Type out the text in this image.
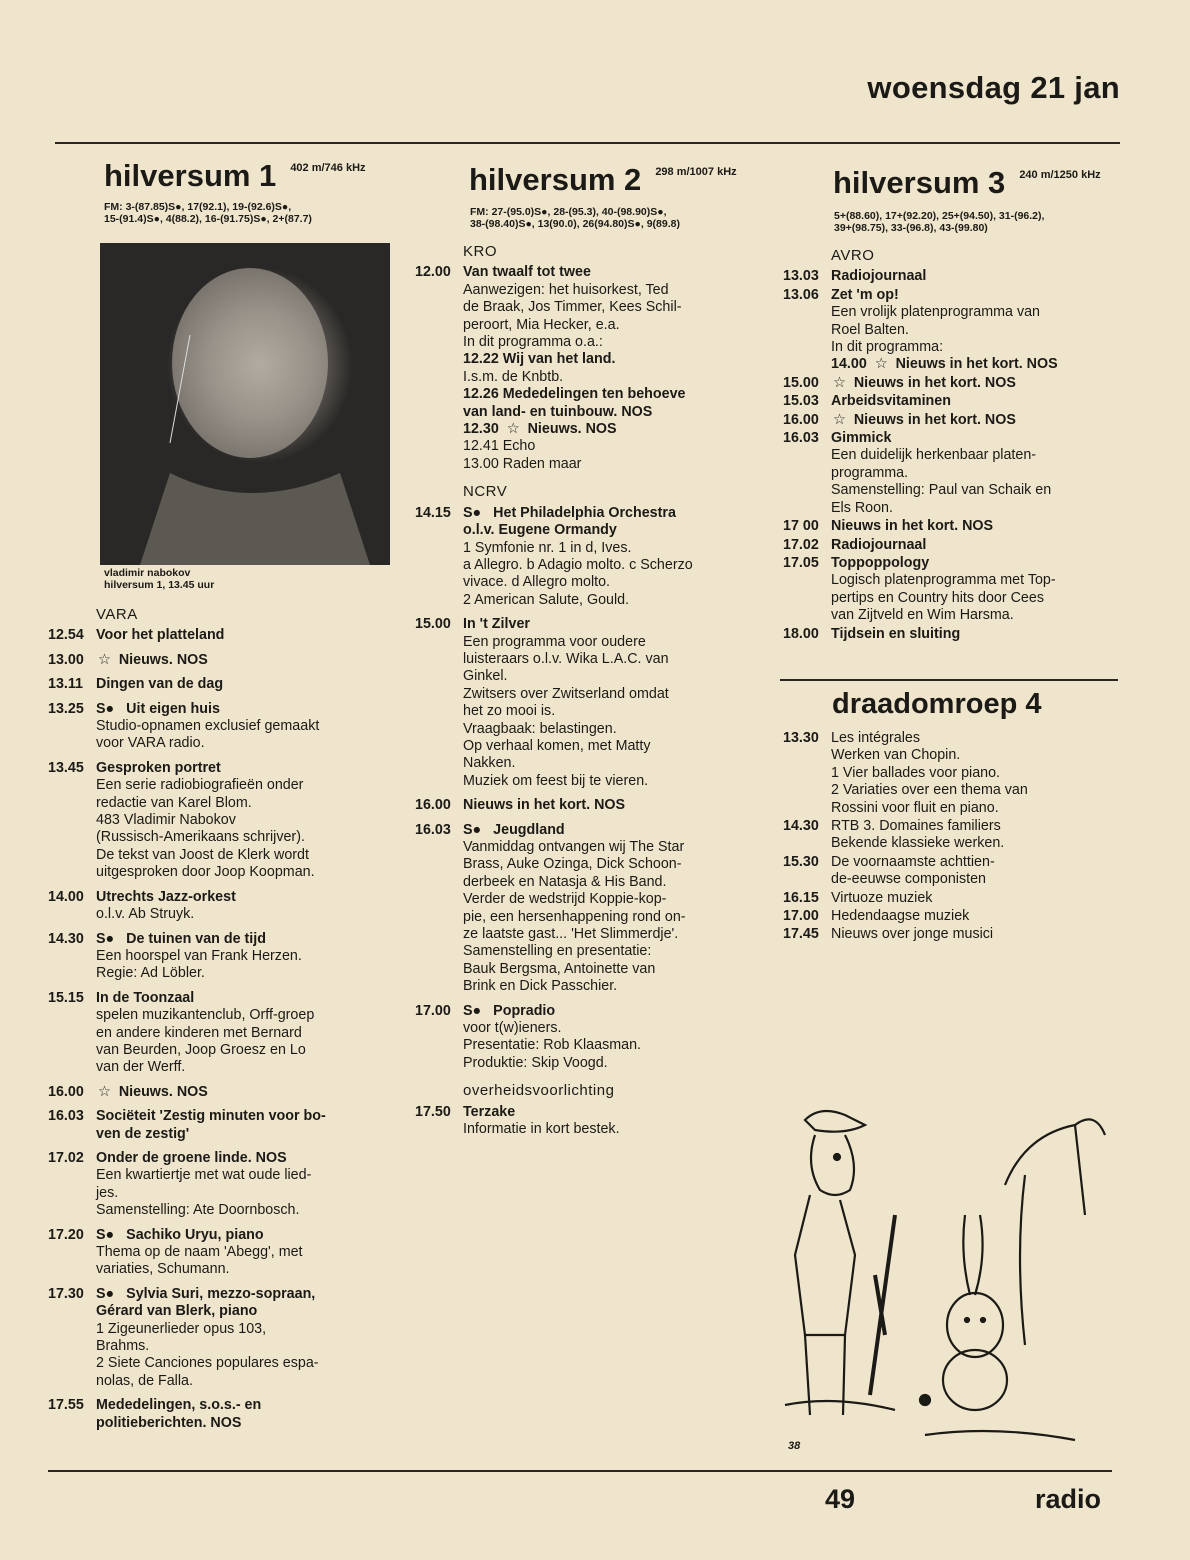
woensdag 21 jan
hilversum 1 $^{402 m/746 kHz}$
FM: 3-(87.85)S●, 17(92.1), 19-(92.6)S●,
15-(91.4)S●, 4(88.2), 16-(91.75)S●, 2+(87.7)
hilversum 2 $^{298 m/1007 kHz}$
FM: 27-(95.0)S●, 28-(95.3), 40-(98.90)S●,
38-(98.40)S●, 13(90.0), 26(94.80)S●, 9(89.8)
hilversum 3 $^{240 m/1250 kHz}$
5+(88.60), 17+(92.20), 25+(94.50), 31-(96.2),
39+(98.75), 33-(96.8), 43-(99.80)
vladimir nabokov
hilversum 1, 13.45 uur
VARA
12.54 Voor het platteland
13.00 ☆ Nieuws. NOS
13.11 Dingen van de dag
13.25 S● Uit eigen huis
Studio-opnamen exclusief gemaakt
voor VARA radio.
13.45 Gesproken portret
Een serie radiobiografieën onder
redactie van Karel Blom.
483 Vladimir Nabokov
(Russisch-Amerikaans schrijver).
De tekst van Joost de Klerk wordt
uitgesproken door Joop Koopman.
14.00 Utrechts Jazz-orkest
o.l.v. Ab Struyk.
14.30 S● De tuinen van de tijd
Een hoorspel van Frank Herzen.
Regie: Ad Löbler.
15.15 In de Toonzaal
spelen muzikantenclub, Orff-groep
en andere kinderen met Bernard
van Beurden, Joop Groesz en Lo
van der Werff.
16.00 ☆ Nieuws. NOS
16.03 Sociëteit 'Zestig minuten voor bo-
ven de zestig'
17.02 Onder de groene linde. NOS
Een kwartiertje met wat oude lied-
jes.
Samenstelling: Ate Doornbosch.
17.20 S● Sachiko Uryu, piano
Thema op de naam 'Abegg', met
variaties, Schumann.
17.30 S● Sylvia Suri, mezzo-sopraan,
Gérard van Blerk, piano
1 Zigeunerlieder opus 103,
Brahms.
2 Siete Canciones populares espa-
nolas, de Falla.
17.55 Mededelingen, s.o.s.- en
politieberichten. NOS
KRO
12.00 Van twaalf tot twee
Aanwezigen: het huisorkest, Ted
de Braak, Jos Timmer, Kees Schil-
peroort, Mia Hecker, e.a.
In dit programma o.a.:
12.22 Wij van het land.
I.s.m. de Knbtb.
12.26 Mededelingen ten behoeve
van land- en tuinbouw. NOS
12.30 ☆ Nieuws. NOS
12.41 Echo
13.00 Raden maar
NCRV
14.15 S● Het Philadelphia Orchestra
o.l.v. Eugene Ormandy
1 Symfonie nr. 1 in d, Ives.
a Allegro. b Adagio molto. c Scherzo
vivace. d Allegro molto.
2 American Salute, Gould.
15.00 In 't Zilver
Een programma voor oudere
luisteraars o.l.v. Wika L.A.C. van
Ginkel.
Zwitsers over Zwitserland omdat
het zo mooi is.
Vraagbaak: belastingen.
Op verhaal komen, met Matty
Nakken.
Muziek om feest bij te vieren.
16.00 Nieuws in het kort. NOS
16.03 S● Jeugdland
Vanmiddag ontvangen wij The Star
Brass, Auke Ozinga, Dick Schoon-
derbeek en Natasja & His Band.
Verder de wedstrijd Koppie-kop-
pie, een hersenhappening rond on-
ze laatste gast... 'Het Slimmerdje'.
Samenstelling en presentatie:
Bauk Bergsma, Antoinette van
Brink en Dick Passchier.
17.00 S● Popradio
voor t(w)ieners.
Presentatie: Rob Klaasman.
Produktie: Skip Voogd.
overheidsvoorlichting
17.50 Terzake
Informatie in kort bestek.
AVRO
13.03 Radiojournaal
13.06 Zet 'm op!
Een vrolijk platenprogramma van
Roel Balten.
In dit programma:
14.00 ☆ Nieuws in het kort. NOS
15.00 ☆ Nieuws in het kort. NOS
15.03 Arbeidsvitaminen
16.00 ☆ Nieuws in het kort. NOS
16.03 Gimmick
Een duidelijk herkenbaar platen-
programma.
Samenstelling: Paul van Schaik en
Els Roon.
17 00 Nieuws in het kort. NOS
17.02 Radiojournaal
17.05 Toppoppology
Logisch platenprogramma met Top-
pertips en Country hits door Cees
van Zijtveld en Wim Harsma.
18.00 Tijdsein en sluiting
draadomroep 4
13.30 Les intégrales
Werken van Chopin.
1 Vier ballades voor piano.
2 Variaties over een thema van
Rossini voor fluit en piano.
14.30 RTB 3. Domaines familiers
Bekende klassieke werken.
15.30 De voornaamste achttien-
de-eeuwse componisten
16.15 Virtuoze muziek
17.00 Hedendaagse muziek
17.45 Nieuws over jonge musici
38
49	radio
